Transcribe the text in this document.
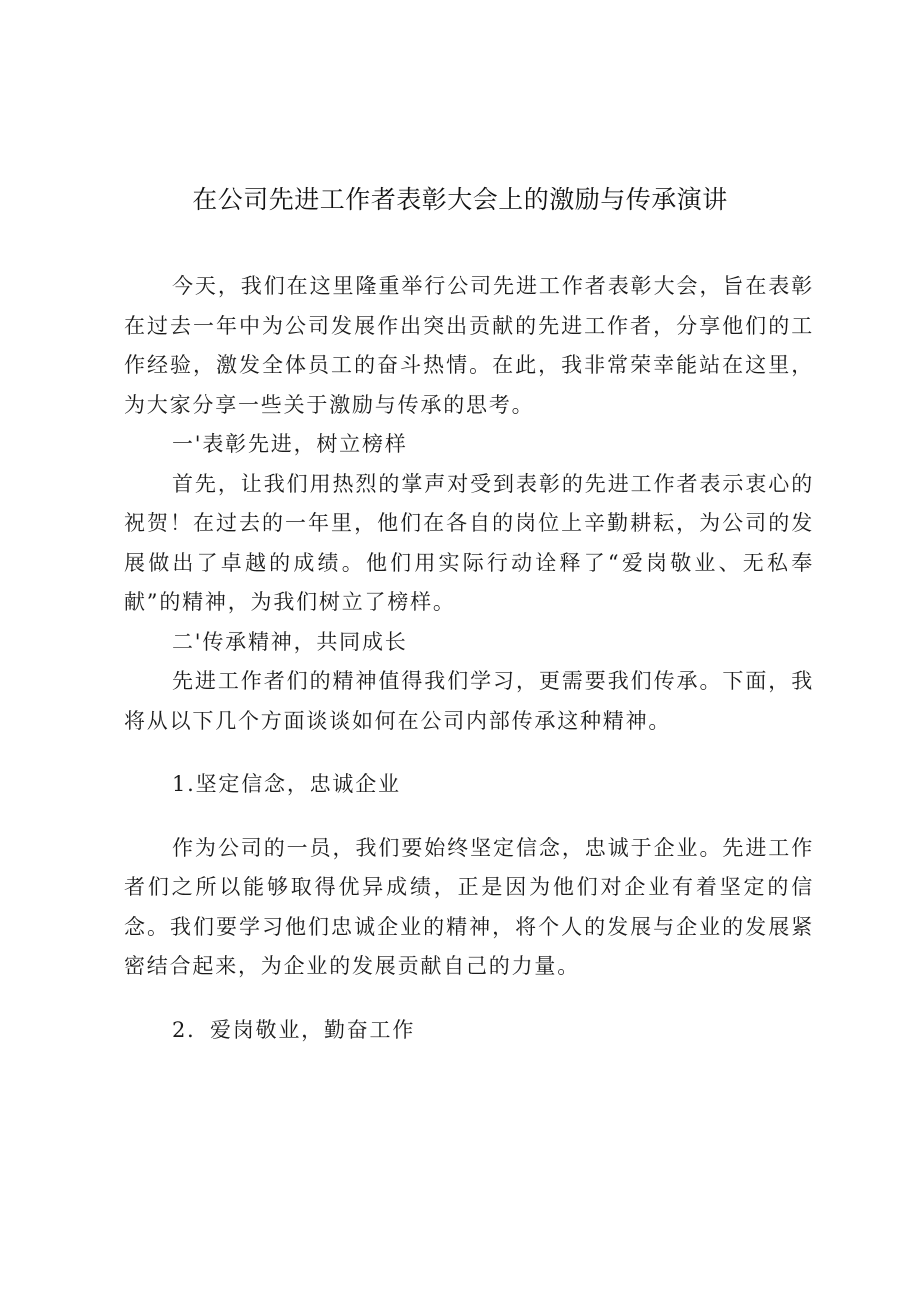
在公司先进工作者表彰大会上的激励与传承演讲

今天，我们在这里隆重举行公司先进工作者表彰大会，旨在表彰在过去一年中为公司发展作出突出贡献的先进工作者，分享他们的工作经验，激发全体员工的奋斗热情。在此，我非常荣幸能站在这里，为大家分享一些关于激励与传承的思考。

一'表彰先进，树立榜样

首先，让我们用热烈的掌声对受到表彰的先进工作者表示衷心的祝贺！在过去的一年里，他们在各自的岗位上辛勤耕耘，为公司的发展做出了卓越的成绩。他们用实际行动诠释了“爱岗敬业、无私奉献”的精神，为我们树立了榜样。

二'传承精神，共同成长

先进工作者们的精神值得我们学习，更需要我们传承。下面，我将从以下几个方面谈谈如何在公司内部传承这种精神。

1.坚定信念，忠诚企业

作为公司的一员，我们要始终坚定信念，忠诚于企业。先进工作者们之所以能够取得优异成绩，正是因为他们对企业有着坚定的信念。我们要学习他们忠诚企业的精神，将个人的发展与企业的发展紧密结合起来，为企业的发展贡献自己的力量。

2．爱岗敬业，勤奋工作
